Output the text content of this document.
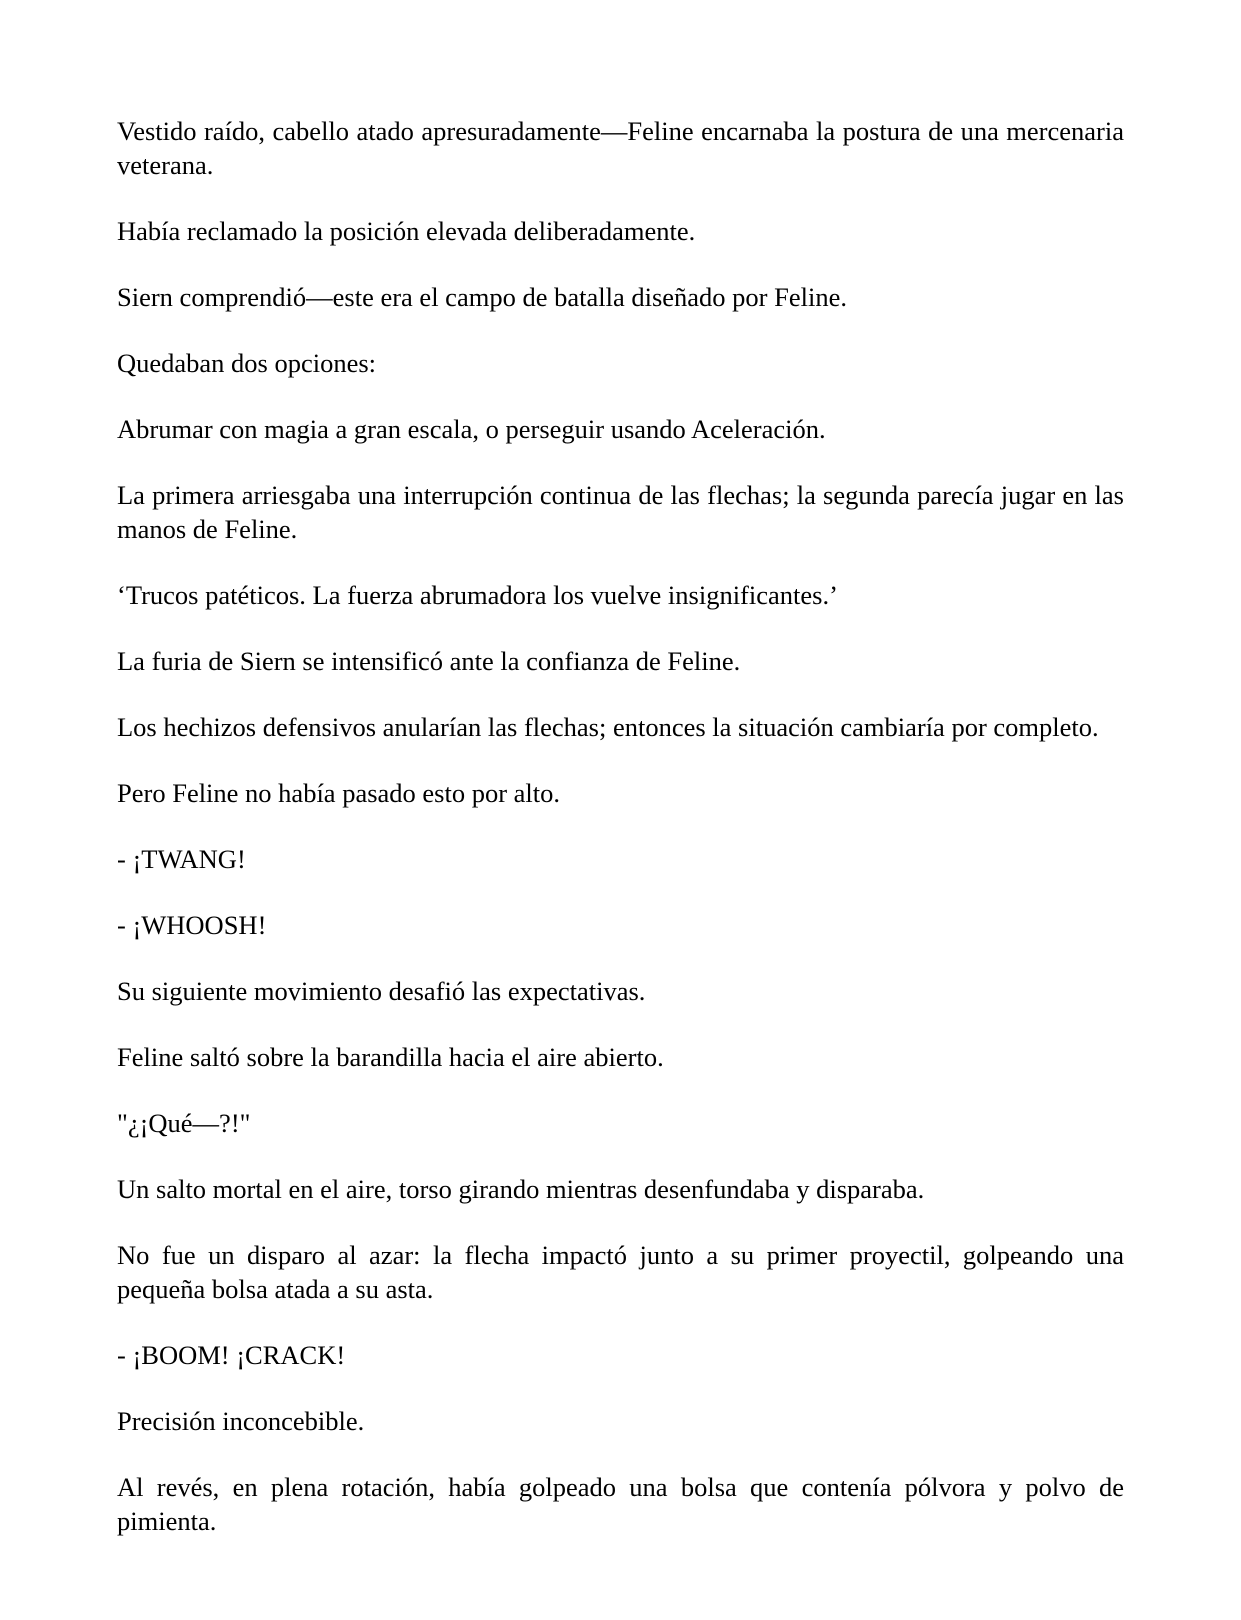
Vestido raído, cabello atado apresuradamente—Feline encarnaba la postura de una mercenaria veterana.

Había reclamado la posición elevada deliberadamente.

Siern comprendió—este era el campo de batalla diseñado por Feline.

Quedaban dos opciones:

Abrumar con magia a gran escala, o perseguir usando Aceleración.

La primera arriesgaba una interrupción continua de las flechas; la segunda parecía jugar en las manos de Feline.

‘Trucos patéticos. La fuerza abrumadora los vuelve insignificantes.’

La furia de Siern se intensificó ante la confianza de Feline.

Los hechizos defensivos anularían las flechas; entonces la situación cambiaría por completo.

Pero Feline no había pasado esto por alto.

- ¡TWANG!

- ¡WHOOSH!

Su siguiente movimiento desafió las expectativas.

Feline saltó sobre la barandilla hacia el aire abierto.

"¿¡Qué—?!"

Un salto mortal en el aire, torso girando mientras desenfundaba y disparaba.

No fue un disparo al azar: la flecha impactó junto a su primer proyectil, golpeando una pequeña bolsa atada a su asta.

- ¡BOOM! ¡CRACK!

Precisión inconcebible.

Al revés, en plena rotación, había golpeado una bolsa que contenía pólvora y polvo de pimienta.
